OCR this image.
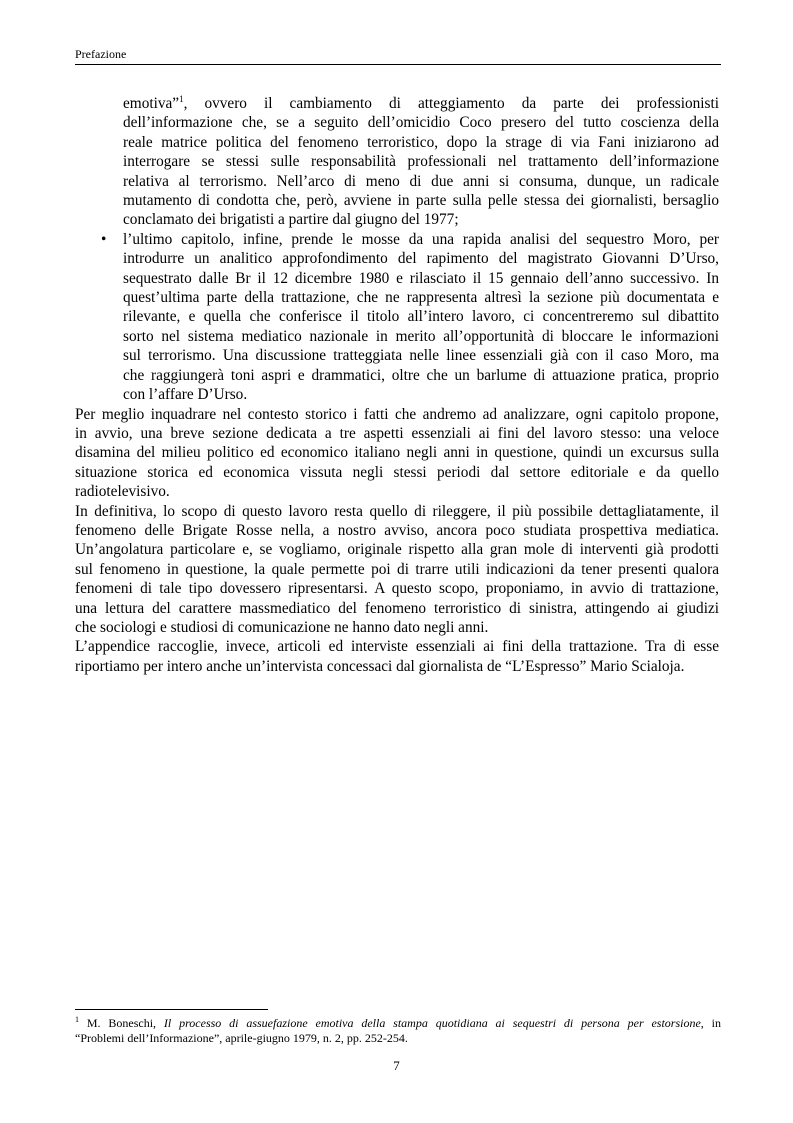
Prefazione

emotiva”$^1$, ovvero il cambiamento di atteggiamento da parte dei professionisti

dell’informazione che, se a seguito dell’omicidio Coco presero del tutto coscienza della

reale matrice politica del fenomeno terroristico, dopo la strage di via Fani iniziarono ad

interrogare se stessi sulle responsabilità professionali nel trattamento dell’informazione

relativa al terrorismo. Nell’arco di meno di due anni si consuma, dunque, un radicale

mutamento di condotta che, però, avviene in parte sulla pelle stessa dei giornalisti, bersaglio

conclamato dei brigatisti a partire dal giugno del 1977;

• l’ultimo capitolo, infine, prende le mosse da una rapida analisi del sequestro Moro, per

introdurre un analitico approfondimento del rapimento del magistrato Giovanni D’Urso,

sequestrato dalle Br il 12 dicembre 1980 e rilasciato il 15 gennaio dell’anno successivo. In

quest’ultima parte della trattazione, che ne rappresenta altresì la sezione più documentata e

rilevante, e quella che conferisce il titolo all’intero lavoro, ci concentreremo sul dibattito

sorto nel sistema mediatico nazionale in merito all’opportunità di bloccare le informazioni

sul terrorismo. Una discussione tratteggiata nelle linee essenziali già con il caso Moro, ma

che raggiungerà toni aspri e drammatici, oltre che un barlume di attuazione pratica, proprio

con l’affare D’Urso.

Per meglio inquadrare nel contesto storico i fatti che andremo ad analizzare, ogni capitolo propone,

in avvio, una breve sezione dedicata a tre aspetti essenziali ai fini del lavoro stesso: una veloce

disamina del milieu politico ed economico italiano negli anni in questione, quindi un excursus sulla

situazione storica ed economica vissuta negli stessi periodi dal settore editoriale e da quello

radiotelevisivo.

In definitiva, lo scopo di questo lavoro resta quello di rileggere, il più possibile dettagliatamente, il

fenomeno delle Brigate Rosse nella, a nostro avviso, ancora poco studiata prospettiva mediatica.

Un’angolatura particolare e, se vogliamo, originale rispetto alla gran mole di interventi già prodotti

sul fenomeno in questione, la quale permette poi di trarre utili indicazioni da tener presenti qualora

fenomeni di tale tipo dovessero ripresentarsi. A questo scopo, proponiamo, in avvio di trattazione,

una lettura del carattere massmediatico del fenomeno terroristico di sinistra, attingendo ai giudizi

che sociologi e studiosi di comunicazione ne hanno dato negli anni.

L’appendice raccoglie, invece, articoli ed interviste essenziali ai fini della trattazione. Tra di esse

riportiamo per intero anche un’intervista concessaci dal giornalista de “L’Espresso” Mario Scialoja.

$^1$ M. Boneschi, Il processo di assuefazione emotiva della stampa quotidiana ai sequestri di persona per estorsione, in
“Problemi dell’Informazione”, aprile-giugno 1979, n. 2, pp. 252-254.
7
